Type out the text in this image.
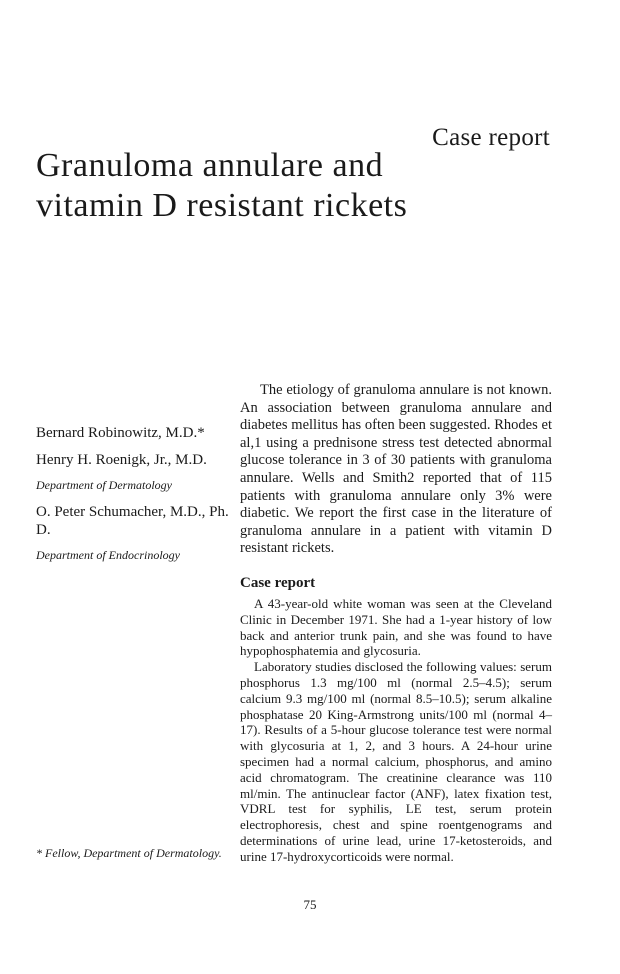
Case report
Granuloma annulare and
vitamin D resistant rickets

Bernard Robinowitz, M.D.*

Henry H. Roenigk, Jr., M.D.

Department of Dermatology

O. Peter Schumacher, M.D., Ph. D.

Department of Endocrinology

* Fellow, Department of Dermatology.

The etiology of granuloma annulare is not known. An association between granuloma annulare and diabetes mellitus has often been suggested. Rhodes et al,1 using a prednisone stress test detected abnormal glucose tolerance in 3 of 30 patients with granuloma annulare. Wells and Smith2 reported that of 115 patients with granuloma annulare only 3% were diabetic. We report the first case in the literature of granuloma annulare in a patient with vitamin D resistant rickets.

Case report

A 43-year-old white woman was seen at the Cleveland Clinic in December 1971. She had a 1-year history of low back and anterior trunk pain, and she was found to have hypophosphatemia and glycosuria.

Laboratory studies disclosed the following values: serum phosphorus 1.3 mg/100 ml (normal 2.5–4.5); serum calcium 9.3 mg/100 ml (normal 8.5–10.5); serum alkaline phosphatase 20 King-Armstrong units/100 ml (normal 4–17). Results of a 5-hour glucose tolerance test were normal with glycosuria at 1, 2, and 3 hours. A 24-hour urine specimen had a normal calcium, phosphorus, and amino acid chromatogram. The creatinine clearance was 110 ml/min. The antinuclear factor (ANF), latex fixation test, VDRL test for syphilis, LE test, serum protein electrophoresis, chest and spine roentgenograms and determinations of urine lead, urine 17-ketosteroids, and urine 17-hydroxycorticoids were normal.

75
